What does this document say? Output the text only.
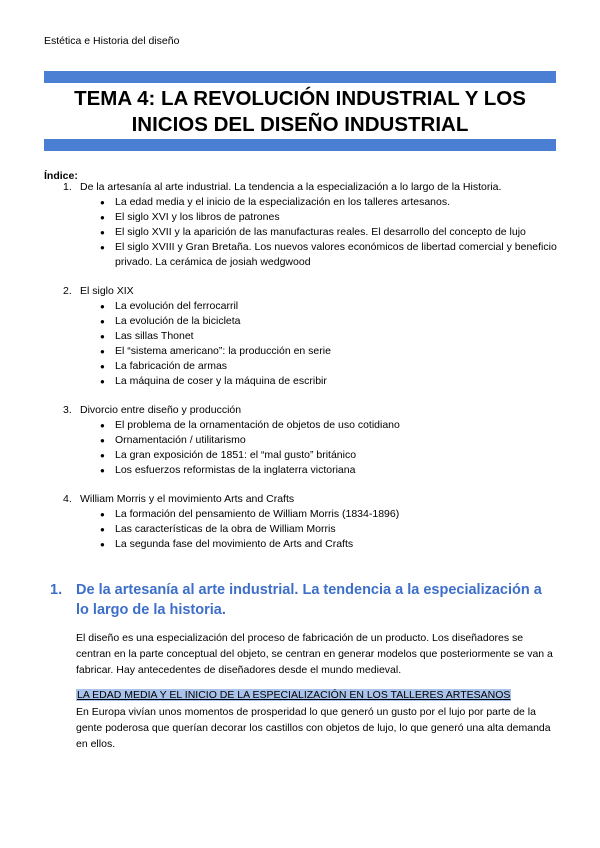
Estética e Historia del diseño
TEMA 4: LA REVOLUCIÓN INDUSTRIAL Y LOS INICIOS DEL DISEÑO INDUSTRIAL
Índice:
1. De la artesanía al arte industrial. La tendencia a la especialización a lo largo de la Historia.
● La edad media y el inicio de la especialización en los talleres artesanos.
● El siglo XVI y los libros de patrones
● El siglo XVII y la aparición de las manufacturas reales. El desarrollo del concepto de lujo
● El siglo XVIII y Gran Bretaña. Los nuevos valores económicos de libertad comercial y beneficio privado. La cerámica de josiah wedgwood
2. El siglo XIX
● La evolución del ferrocarril
● La evolución de la bicicleta
● Las sillas Thonet
● El “sistema americano”: la producción en serie
● La fabricación de armas
● La máquina de coser y la máquina de escribir
3. Divorcio entre diseño y producción
● El problema de la ornamentación de objetos de uso cotidiano
● Ornamentación / utilitarismo
● La gran exposición de 1851: el “mal gusto” británico
● Los esfuerzos reformistas de la inglaterra victoriana
4. William Morris y el movimiento Arts and Crafts
● La formación del pensamiento de William Morris (1834-1896)
● Las características de la obra de William Morris
● La segunda fase del movimiento de Arts and Crafts
1. De la artesanía al arte industrial. La tendencia a la especialización a lo largo de la historia.
El diseño es una especialización del proceso de fabricación de un producto. Los diseñadores se centran en la parte conceptual del objeto, se centran en generar modelos que posteriormente se van a fabricar. Hay antecedentes de diseñadores desde el mundo medieval.
LA EDAD MEDIA Y EL INICIO DE LA ESPECIALIZACIÓN EN LOS TALLERES ARTESANOS
En Europa vivían unos momentos de prosperidad lo que generó un gusto por el lujo por parte de la gente poderosa que querían decorar los castillos con objetos de lujo, lo que generó una alta demanda en ellos.
